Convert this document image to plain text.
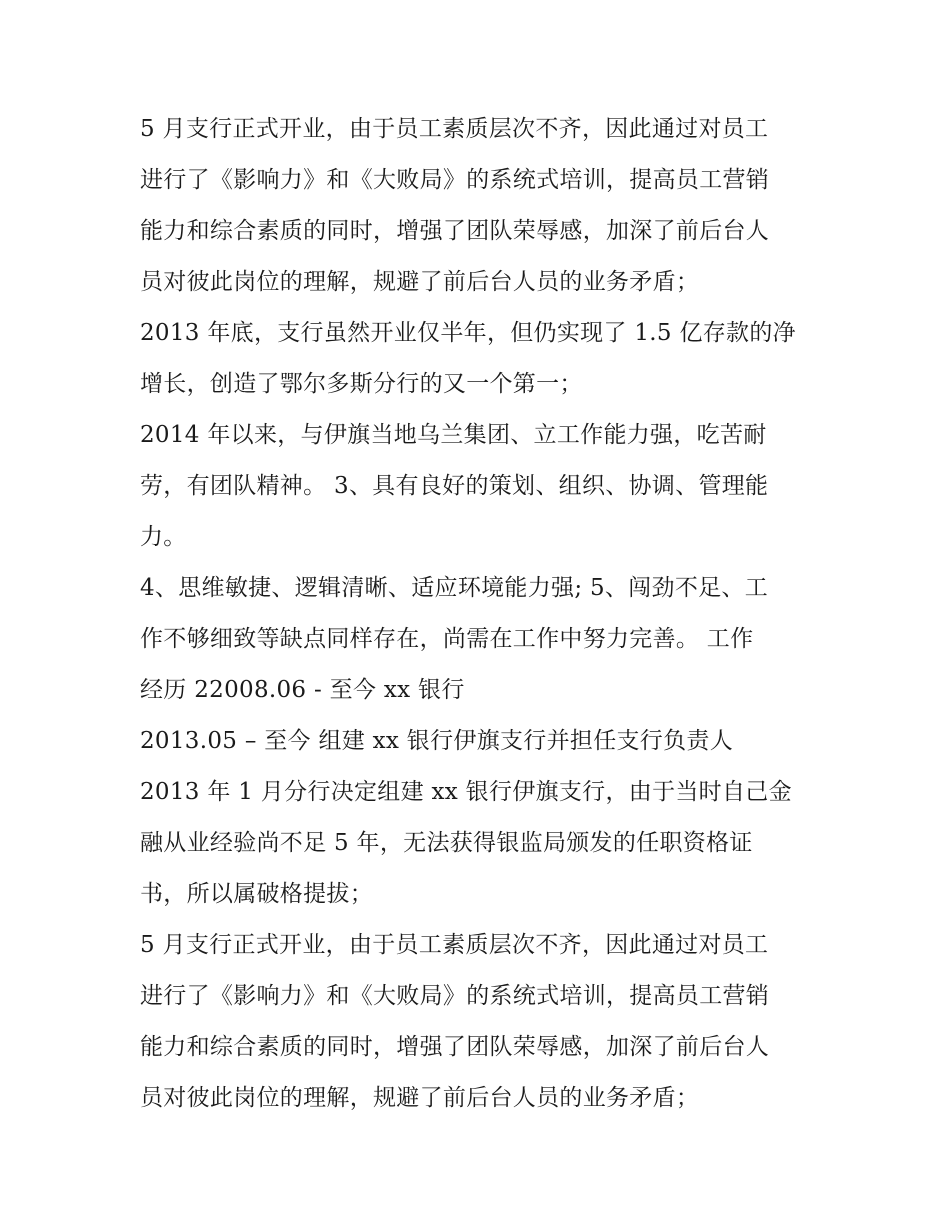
5 月支行正式开业，由于员工素质层次不齐，因此通过对员工
进行了《影响力》和《大败局》的系统式培训，提高员工营销
能力和综合素质的同时，增强了团队荣辱感，加深了前后台人
员对彼此岗位的理解，规避了前后台人员的业务矛盾；
2013 年底，支行虽然开业仅半年，但仍实现了 1.5 亿存款的净
增长，创造了鄂尔多斯分行的又一个第一；
2014 年以来，与伊旗当地乌兰集团、立工作能力强，吃苦耐
劳，有团队精神。 3、具有良好的策划、组织、协调、管理能
力。
4、思维敏捷、逻辑清晰、适应环境能力强; 5、闯劲不足、工
作不够细致等缺点同样存在，尚需在工作中努力完善。 工作
经历 22008.06 - 至今 xx 银行
2013.05 – 至今 组建 xx 银行伊旗支行并担任支行负责人
2013 年 1 月分行决定组建 xx 银行伊旗支行，由于当时自己金
融从业经验尚不足 5 年，无法获得银监局颁发的任职资格证
书，所以属破格提拔；
5 月支行正式开业，由于员工素质层次不齐，因此通过对员工
进行了《影响力》和《大败局》的系统式培训，提高员工营销
能力和综合素质的同时，增强了团队荣辱感，加深了前后台人
员对彼此岗位的理解，规避了前后台人员的业务矛盾；
